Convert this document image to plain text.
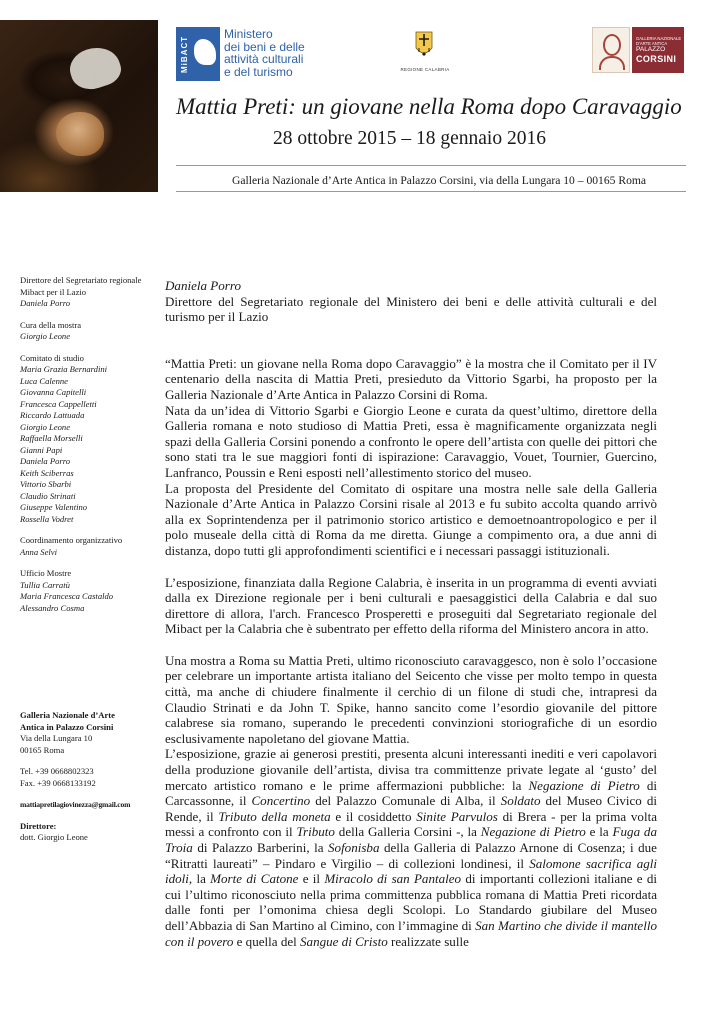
MiBACT
Ministero
dei beni e delle
attività culturali
e del turismo	REGIONE CALABRIA
GALLERIA NAZIONALE
D'ARTE ANTICA
PALAZZO
CORSINI
Mattia Preti: un giovane nella Roma dopo Caravaggio
28 ottobre 2015 – 18 gennaio 2016
Galleria Nazionale d’Arte Antica in Palazzo Corsini, via della Lungara 10 – 00165 Roma
Direttore del Segretariato regionale Mibact per il Lazio
Daniela Porro
Cura della mostra
Giorgio Leone
Comitato di studio
Maria Grazia Bernardini
Luca Calenne
Giovanna Capitelli
Francesca Cappelletti
Riccardo Lattuada
Giorgio Leone
Raffaella Morselli
Gianni Papi
Daniela Porro
Keith Sciberras
Vittorio Sbarbi
Claudio Strinati
Giuseppe Valentino
Rossella Vodret
Coordinamento organizzativo
Anna Selvi
Ufficio Mostre
Tullia Carratù
Maria Francesca Castaldo
Alessandro Cosma
Galleria Nazionale d’Arte
Antica in Palazzo Corsini
Via della Lungara 10
00165 Roma
Tel. +39 0668802323
Fax. +39 0668133192
mattiapretilagiovinezza@gmail.com
Direttore:
dott. Giorgio Leone
Daniela Porro

Direttore del Segretariato regionale del Ministero dei beni e delle attività culturali e del turismo per il Lazio

“Mattia Preti: un giovane nella Roma dopo Caravaggio” è la mostra che il Comitato per il IV centenario della nascita di Mattia Preti, presieduto da Vittorio Sgarbi, ha proposto per la Galleria Nazionale d’Arte Antica in Palazzo Corsini di Roma.

Nata da un’idea di Vittorio Sgarbi e Giorgio Leone e curata da quest’ultimo, direttore della Galleria romana e noto studioso di Mattia Preti, essa è magnificamente organizzata negli spazi della Galleria Corsini ponendo a confronto le opere dell’artista con quelle dei pittori che sono stati tra le sue maggiori fonti di ispirazione: Caravaggio, Vouet, Tournier, Guercino, Lanfranco, Poussin e Reni esposti nell’allestimento storico del museo.

La proposta del Presidente del Comitato di ospitare una mostra nelle sale della Galleria Nazionale d’Arte Antica in Palazzo Corsini risale al 2013 e fu subito accolta quando arrivò alla ex Soprintendenza per il patrimonio storico artistico e demoetnoantropologico e per il polo museale della città di Roma da me diretta. Giunge a compimento ora, a due anni di distanza, dopo tutti gli approfondimenti scientifici e i necessari passaggi istituzionali.

L’esposizione, finanziata dalla Regione Calabria, è inserita in un programma di eventi avviati dalla ex Direzione regionale per i beni culturali e paesaggistici della Calabria e dal suo direttore di allora, l'arch. Francesco Prosperetti e proseguiti dal Segretariato regionale del Mibact per la Calabria che è subentrato per effetto della riforma del Ministero ancora in atto.

Una mostra a Roma su Mattia Preti, ultimo riconosciuto caravaggesco, non è solo l’occasione per celebrare un importante artista italiano del Seicento che visse per molto tempo in questa città, ma anche di chiudere finalmente il cerchio di un filone di studi che, intrapresi da Claudio Strinati e da John T. Spike, hanno sancito come l’esordio giovanile del pittore calabrese sia romano, superando le precedenti convinzioni storiografiche di un esordio esclusivamente napoletano del giovane Mattia.

L’esposizione, grazie ai generosi prestiti, presenta alcuni interessanti inediti e veri capolavori della produzione giovanile dell’artista, divisa tra committenze private legate al ‘gusto’ del mercato artistico romano e le prime affermazioni pubbliche: la Negazione di Pietro di Carcassonne, il Concertino del Palazzo Comunale di Alba, il Soldato del Museo Civico di Rende, il Tributo della moneta e il cosiddetto Sinite Parvulos di Brera - per la prima volta messi a confronto con il Tributo della Galleria Corsini -, la Negazione di Pietro e la Fuga da Troia di Palazzo Barberini, la Sofonisba della Galleria di Palazzo Arnone di Cosenza; i due “Ritratti laureati” – Pindaro e Virgilio – di collezioni londinesi, il Salomone sacrifica agli idoli, la Morte di Catone e il Miracolo di san Pantaleo di importanti collezioni italiane e di cui l’ultimo riconosciuto nella prima committenza pubblica romana di Mattia Preti ricordata dalle fonti per l’omonima chiesa degli Scolopi. Lo Standardo giubilare del Museo dell’Abbazia di San Martino al Cimino, con l’immagine di San Martino che divide il mantello con il povero e quella del Sangue di Cristo realizzate sulle
